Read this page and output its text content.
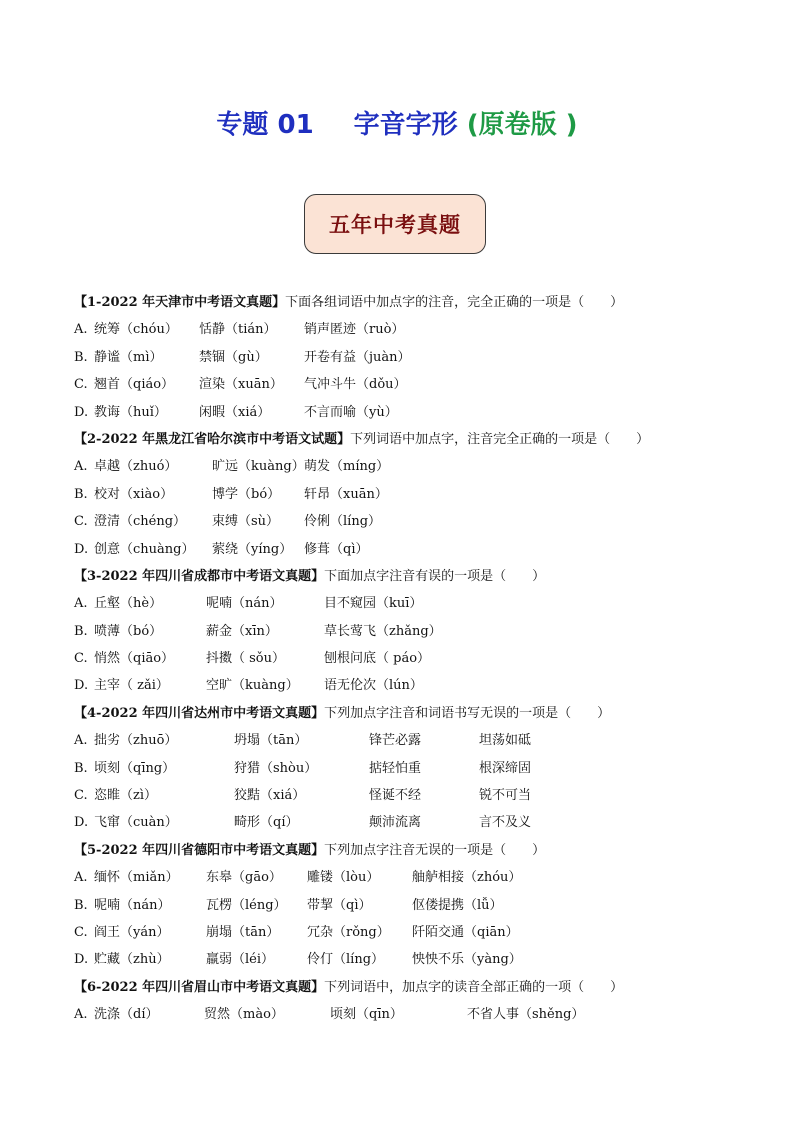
专题 01 字音字形 (原卷版 )
五年中考真题
【1-2022 年天津市中考语文真题】下面各组词语中加点字的注音，完全正确的一项是（　　）
A. 统筹（chóu） 恬静（tián） 销声匿迹（ruò）
B. 静谧（mì）	禁锢（gù）	开卷有益（juàn）
C. 翘首（qiáo） 渲染（xuān） 气冲斗牛（dǒu）
D. 教诲（huǐ） 闲暇（xiá）	不言而喻（yù）
【2-2022 年黑龙江省哈尔滨市中考语文试题】下列词语中加点字，注音完全正确的一项是（　　）
A. 卓越（zhuó）	旷远（kuàng） 萌发（míng）
B. 校对（xiào）	博学（bó） 轩昂（xuān）
C. 澄清（chéng） 束缚（sù） 伶俐（líng）
D. 创意（chuàng） 萦绕（yíng） 修葺（qì）
【3-2022 年四川省成都市中考语文真题】下面加点字注音有误的一项是（　　）
A. 丘壑（hè）	呢喃（nán）	目不窥园（kuī）
B. 喷薄（bó）	薪金（xīn）	草长莺飞（zhǎng）
C. 悄然（qiāo） 抖擞（ sǒu）	刨根问底（ páo）
D. 主宰（ zǎi）	空旷（kuàng） 语无伦次（lún）
【4-2022 年四川省达州市中考语文真题】下列加点字注音和词语书写无误的一项是（　　）
A. 拙劣（zhuō）	坍塌（tān）	锋芒必露	坦荡如砥
B. 顷刻（qīng）	狩猎（shòu）	掂轻怕重	根深缔固
C. 恣睢（zì）	狡黠（xiá）	怪诞不经	锐不可当
D. 飞窜（cuàn）	畸形（qí）	颠沛流离	言不及义
【5-2022 年四川省德阳市中考语文真题】下列加点字注音无误的一项是（　　）
A. 缅怀（miǎn） 东皋（gāo） 雕镂（lòu）	舳舻相接（zhóu）
B. 呢喃（nán）	瓦楞（léng） 带挈（qì）	伛偻提携（lǚ）
C. 阎王（yán）	崩塌（tān） 冗杂（rǒng） 阡陌交通（qiān）
D. 贮藏（zhù）	羸弱（léi）	伶仃（líng） 怏怏不乐（yàng）
【6-2022 年四川省眉山市中考语文真题】下列词语中，加点字的读音全部正确的一项（　　）
A. 洗涤（dí）	贸然（mào）	顷刻（qīn）	不省人事（shěng）
